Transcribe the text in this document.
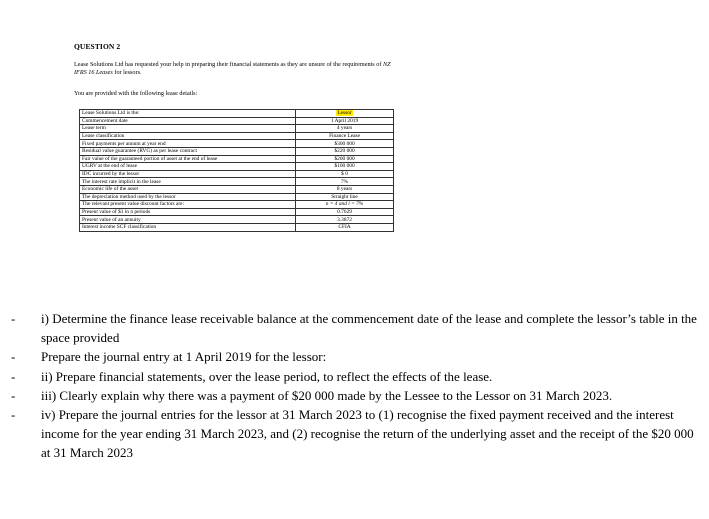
QUESTION 2

Lease Solutions Ltd has requested your help in preparing their financial statements as they are unsure of the requirements of NZ IFRS 16 Leases for lessors.
You are provided with the following lease details:
Lease Solutions Ltd is the:	Lessor
Commencement date	1 April 2019
Lease term	4 years
Lease classification	Finance Lease
Fixed payments per annum at year end	$300 000
Residual value guarantee (RVG) as per lease contract	$220 000
Fair value of the guaranteed portion of asset at the end of lease	$200 000
UGRV at the end of lease	$100 000
IDC incurred by the lessor	$ 0
The interest rate implicit in the lease	7%
Economic life of the asset	8 years
The depreciation method used by the lessor	Straight line
The relevant present value discount factors are:	n = 4 and i = 7%
Present value of $1 in n periods	0.7629
Present value of an annuity	3.3872
Interest income SCF classification	CFIA
- i) Determine the finance lease receivable balance at the commencement date of the lease and complete the lessor’s table in the space provided
- Prepare the journal entry at 1 April 2019 for the lessor:
- ii) Prepare financial statements, over the lease period, to reflect the effects of the lease.
- iii) Clearly explain why there was a payment of $20 000 made by the Lessee to the Lessor on 31 March 2023.
- iv) Prepare the journal entries for the lessor at 31 March 2023 to (1) recognise the fixed payment received and the interest income for the year ending 31 March 2023, and (2) recognise the return of the underlying asset and the receipt of the $20 000 at 31 March 2023
